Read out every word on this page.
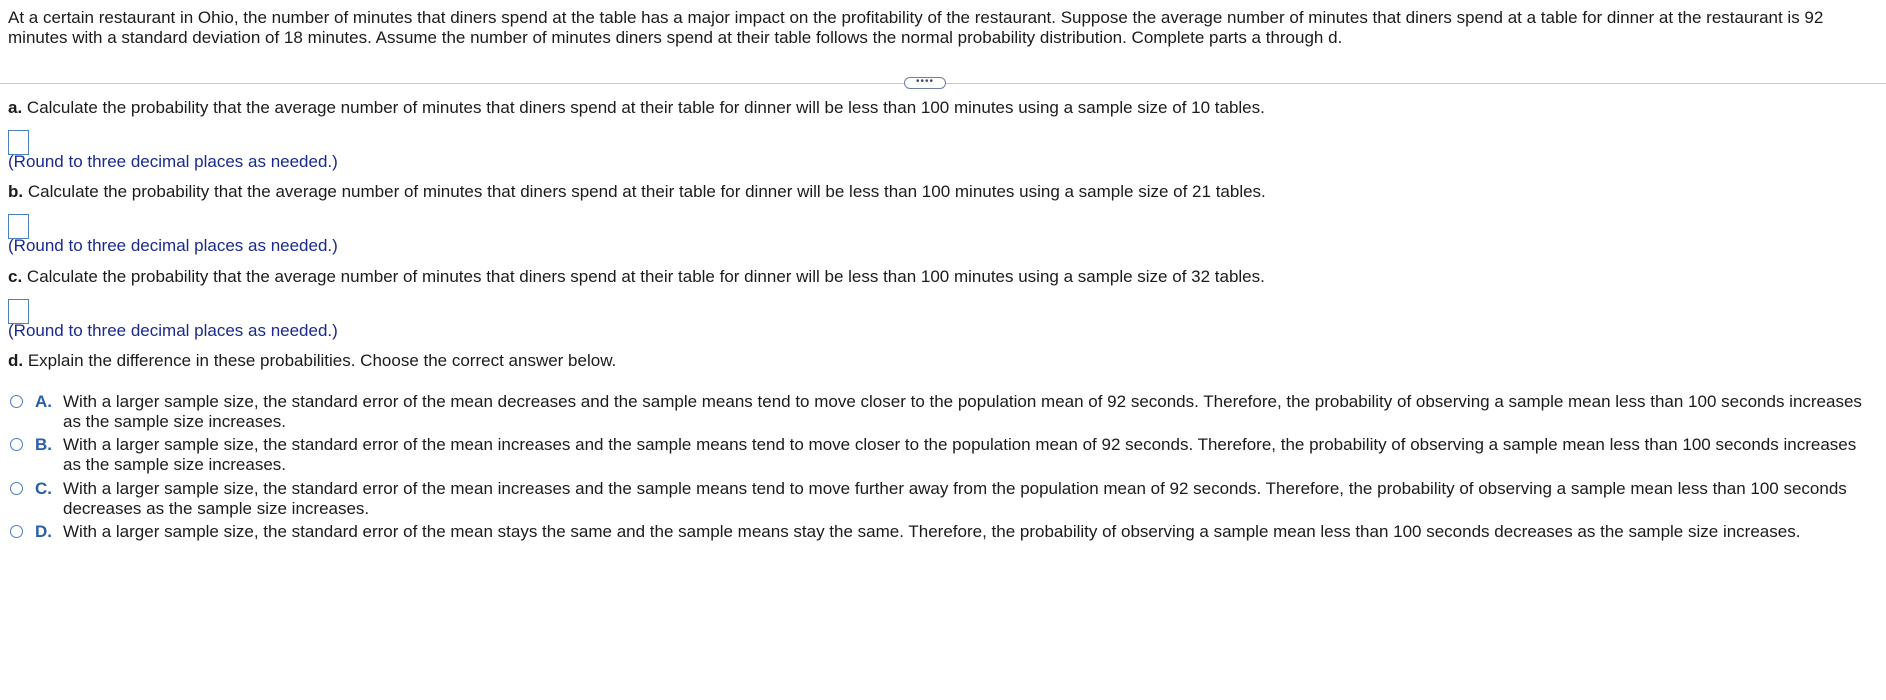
At a certain restaurant in Ohio, the number of minutes that diners spend at the table has a major impact on the profitability of the restaurant. Suppose the average number of minutes that diners spend at a table for dinner at the restaurant is 92 minutes with a standard deviation of 18 minutes. Assume the number of minutes diners spend at their table follows the normal probability distribution. Complete parts a through d.
••••
a. Calculate the probability that the average number of minutes that diners spend at their table for dinner will be less than 100 minutes using a sample size of 10 tables.
(Round to three decimal places as needed.)
b. Calculate the probability that the average number of minutes that diners spend at their table for dinner will be less than 100 minutes using a sample size of 21 tables.
(Round to three decimal places as needed.)
c. Calculate the probability that the average number of minutes that diners spend at their table for dinner will be less than 100 minutes using a sample size of 32 tables.
(Round to three decimal places as needed.)
d. Explain the difference in these probabilities. Choose the correct answer below.
A. With a larger sample size, the standard error of the mean decreases and the sample means tend to move closer to the population mean of 92 seconds. Therefore, the probability of observing a sample mean less than 100 seconds increases as the sample size increases.
B. With a larger sample size, the standard error of the mean increases and the sample means tend to move closer to the population mean of 92 seconds. Therefore, the probability of observing a sample mean less than 100 seconds increases as the sample size increases.
C. With a larger sample size, the standard error of the mean increases and the sample means tend to move further away from the population mean of 92 seconds. Therefore, the probability of observing a sample mean less than 100 seconds decreases as the sample size increases.
D. With a larger sample size, the standard error of the mean stays the same and the sample means stay the same. Therefore, the probability of observing a sample mean less than 100 seconds decreases as the sample size increases.
